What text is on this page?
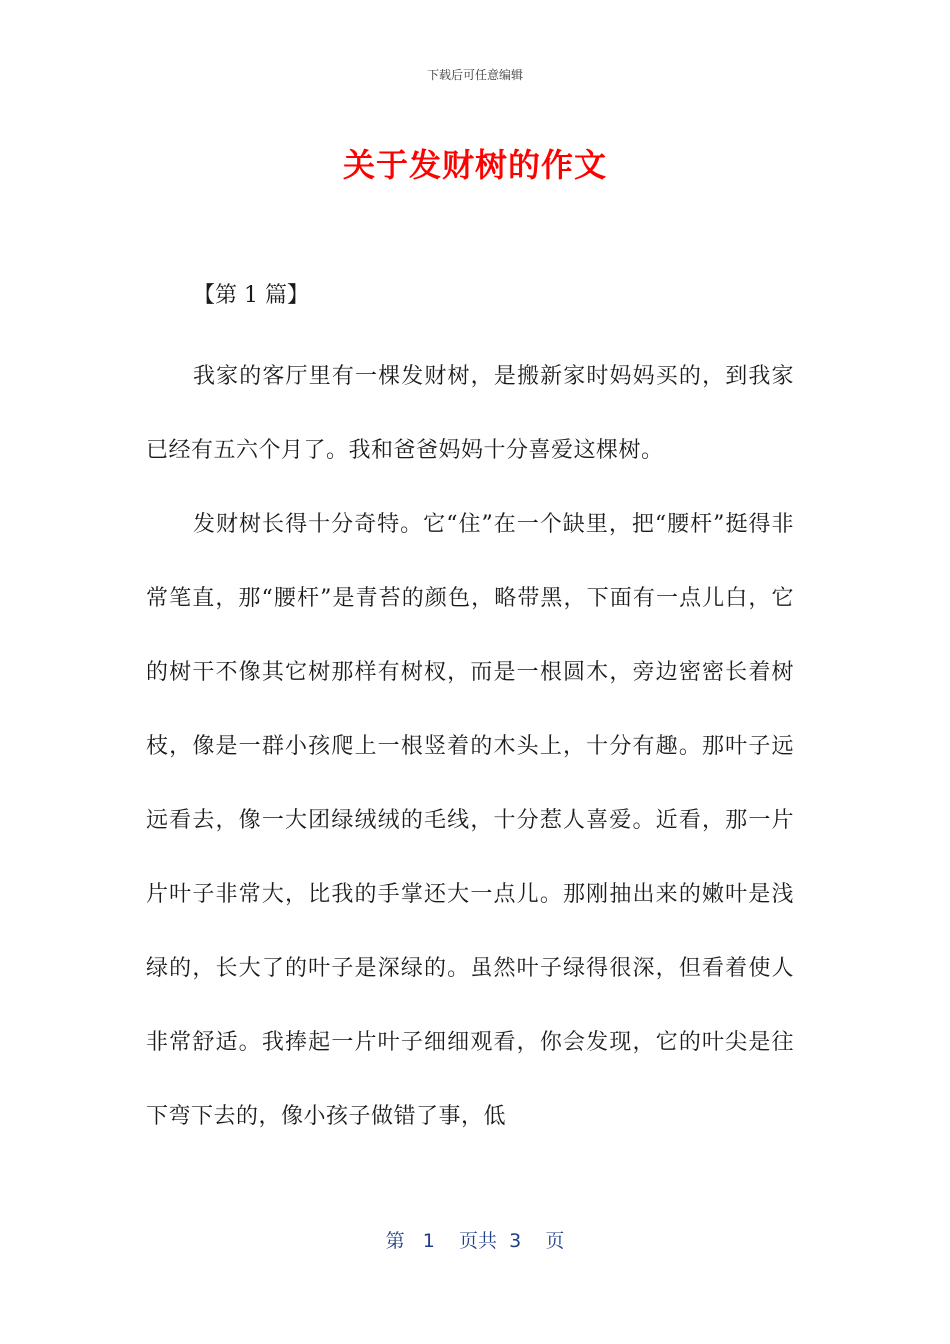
下载后可任意编辑
关于发财树的作文
【第 1 篇】

我家的客厅里有一棵发财树，是搬新家时妈妈买的，到我家已经有五六个月了。我和爸爸妈妈十分喜爱这棵树。

发财树长得十分奇特。它“住”在一个缺里，把“腰杆”挺得非常笔直，那“腰杆”是青苔的颜色，略带黑，下面有一点儿白，它的树干不像其它树那样有树杈，而是一根圆木，旁边密密长着树枝，像是一群小孩爬上一根竖着的木头上，十分有趣。那叶子远远看去，像一大团绿绒绒的毛线，十分惹人喜爱。近看，那一片片叶子非常大，比我的手掌还大一点儿。那刚抽出来的嫩叶是浅绿的，长大了的叶子是深绿的。虽然叶子绿得很深，但看着使人非常舒适。我捧起一片叶子细细观看，你会发现，它的叶尖是往下弯下去的，像小孩子做错了事，低

第 1 页共 3 页
